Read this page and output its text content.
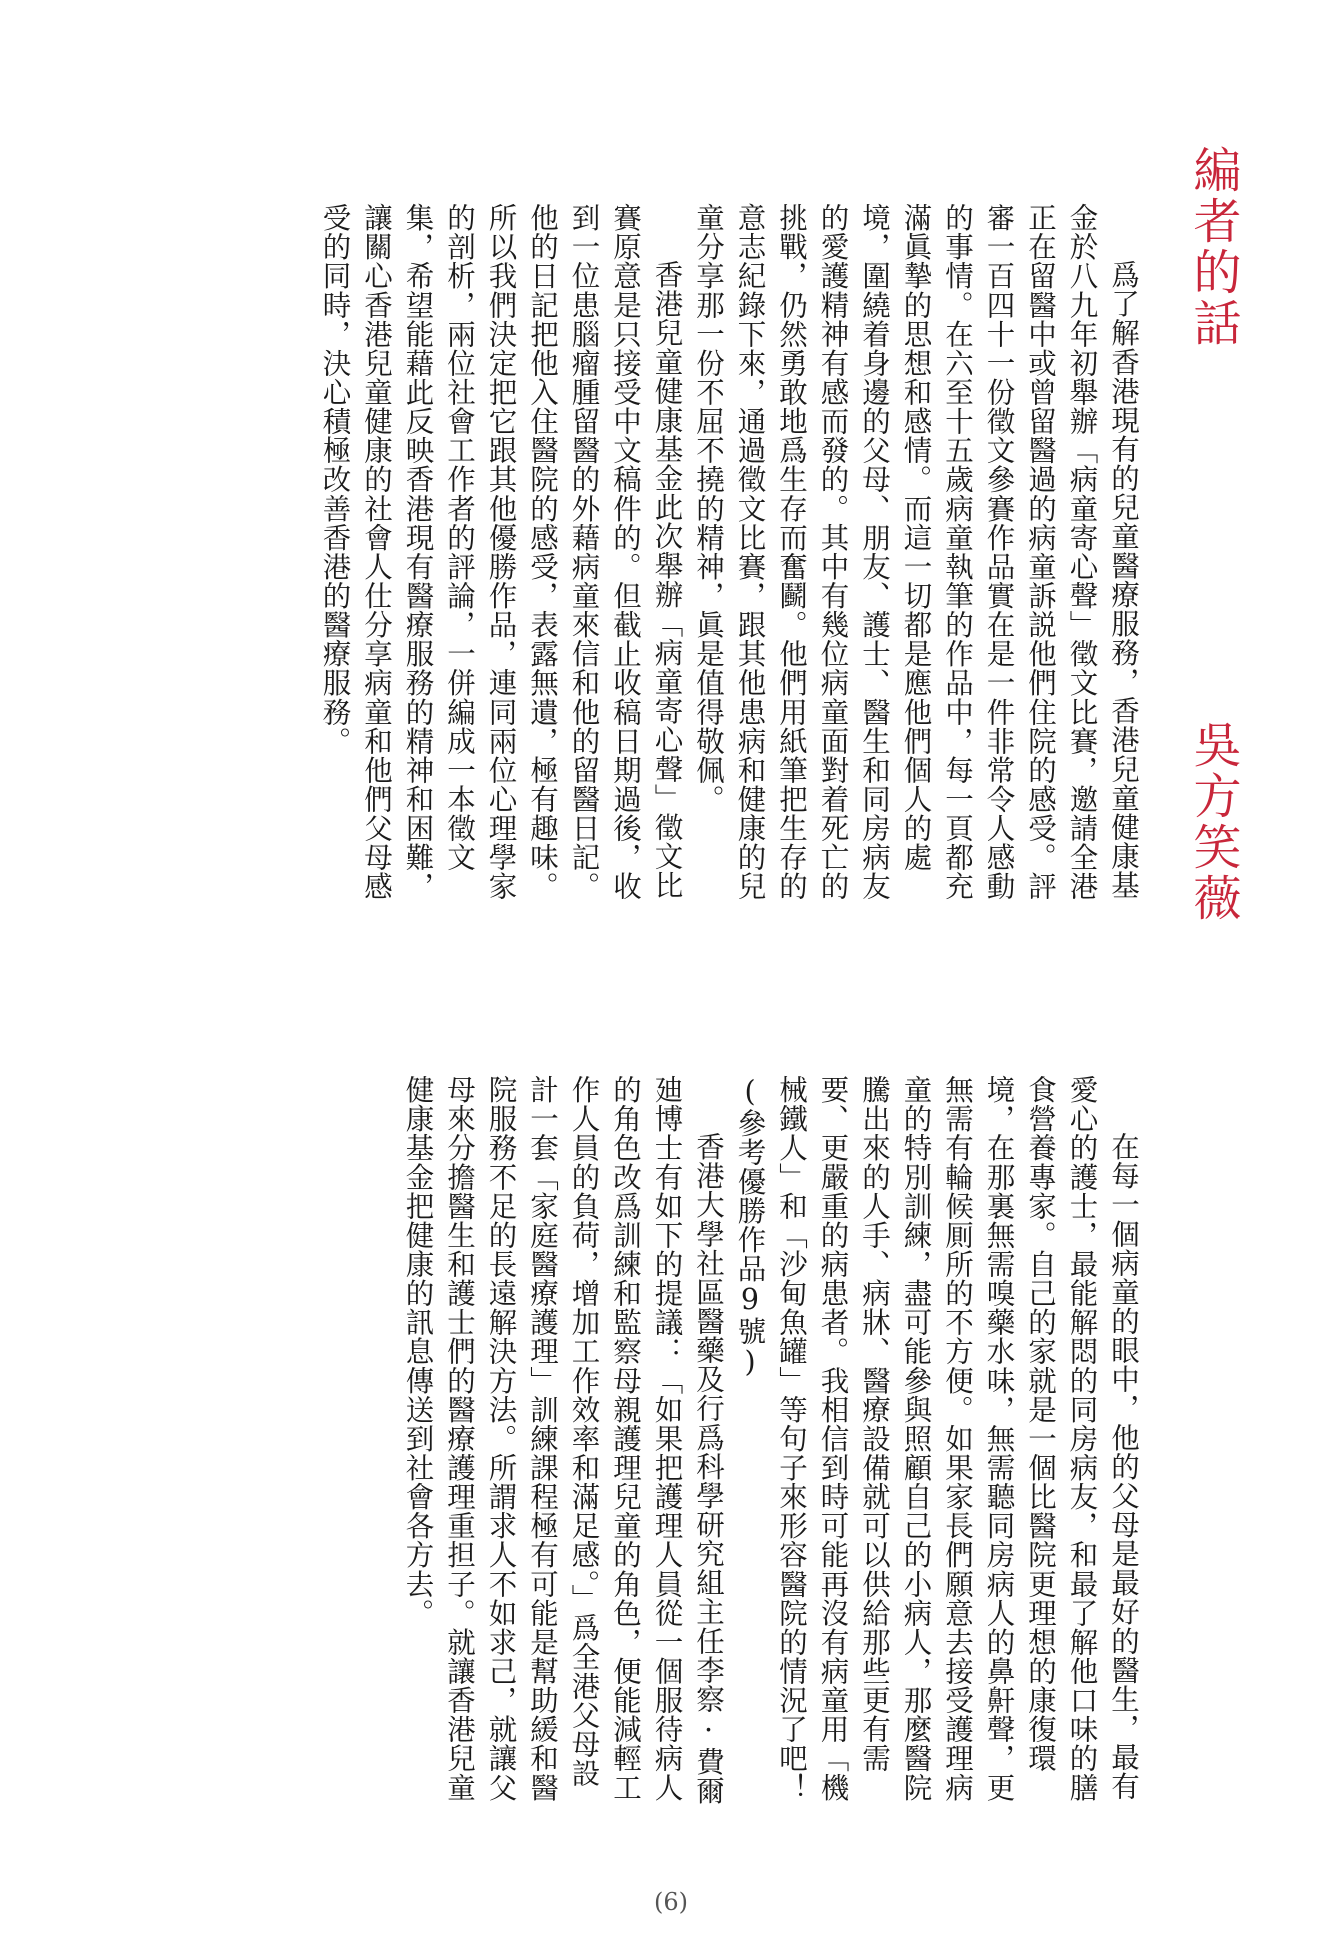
編者的話
吳方笑薇

爲了解香港現有的兒童醫療服務，香港兒童健康基金於八九年初舉辦「病童寄心聲」徵文比賽，邀請全港正在留醫中或曾留醫過的病童訴説他們住院的感受。評審一百四十一份徵文參賽作品實在是一件非常令人感動的事情。在六至十五歲病童執筆的作品中，每一頁都充滿眞摯的思想和感情。而這一切都是應他們個人的處境，圍繞着身邊的父母、朋友、護士、醫生和同房病友的愛護精神有感而發的。其中有幾位病童面對着死亡的挑戰，仍然勇敢地爲生存而奮鬬。他們用紙筆把生存的意志紀錄下來，通過徵文比賽，跟其他患病和健康的兒童分享那一份不屈不撓的精神，眞是值得敬佩。

香港兒童健康基金此次舉辦「病童寄心聲」徵文比賽原意是只接受中文稿件的。但截止收稿日期過後，收到一位患腦瘤腫留醫的外藉病童來信和他的留醫日記。他的日記把他入住醫院的感受，表露無遺，極有趣味。所以我們決定把它跟其他優勝作品，連同兩位心理學家的剖析，兩位社會工作者的評論，一併編成一本徵文集，希望能藉此反映香港現有醫療服務的精神和困難，讓關心香港兒童健康的社會人仕分享病童和他們父母感受的同時，決心積極改善香港的醫療服務。

在每一個病童的眼中，他的父母是最好的醫生，最有愛心的護士，最能解悶的同房病友，和最了解他口味的膳食營養專家。自己的家就是一個比醫院更理想的康復環境，在那裏無需嗅藥水味，無需聽同房病人的鼻鼾聲，更無需有輪候厠所的不方便。如果家長們願意去接受護理病童的特別訓練，盡可能參與照顧自己的小病人，那麼醫院騰出來的人手、病牀、醫療設備就可以供給那些更有需要、更嚴重的病患者。我相信到時可能再沒有病童用「機械鐵人」和「沙甸魚罐」等句子來形容醫院的情況了吧！(參考優勝作品9號)

香港大學社區醫藥及行爲科學研究組主任李察·費爾廸博士有如下的提議：「如果把護理人員從一個服待病人的角色改爲訓練和監察母親護理兒童的角色，便能減輕工作人員的負荷，增加工作效率和滿足感。」爲全港父母設計一套「家庭醫療護理」訓練課程極有可能是幫助緩和醫院服務不足的長遠解決方法。所謂求人不如求己，就讓父母來分擔醫生和護士們的醫療護理重担子。就讓香港兒童健康基金把健康的訊息傳送到社會各方去。

(6)
